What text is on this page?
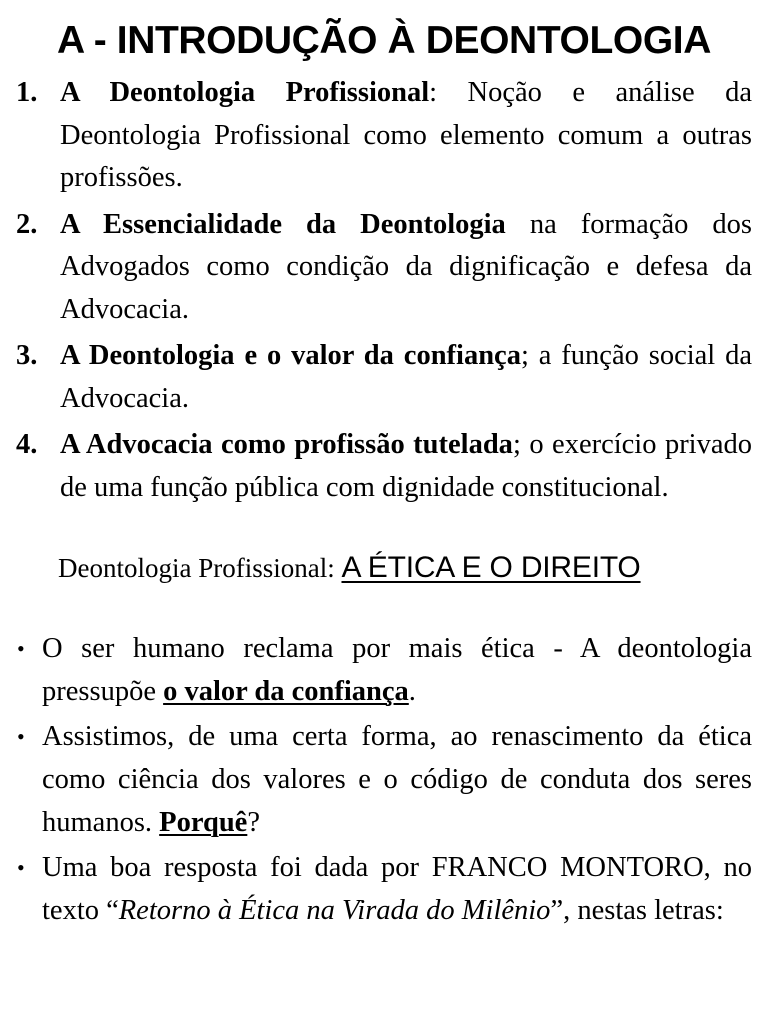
A - INTRODUÇÃO À DEONTOLOGIA
1. A Deontologia Profissional: Noção e análise da Deontologia Profissional como elemento comum a outras profissões.
2. A Essencialidade da Deontologia na formação dos Advogados como condição da dignificação e defesa da Advocacia.
3. A Deontologia e o valor da confiança; a função social da Advocacia.
4. A Advocacia como profissão tutelada; o exercício privado de uma função pública com dignidade constitucional.

Deontologia Profissional: A ÉTICA E O DIREITO

• O ser humano reclama por mais ética - A deontologia pressupõe o valor da confiança.
• Assistimos, de uma certa forma, ao renascimento da ética como ciência dos valores e o código de conduta dos seres humanos. Porquê?
• Uma boa resposta foi dada por FRANCO MONTORO, no texto “Retorno à Ética na Virada do Milênio”, nestas letras:
